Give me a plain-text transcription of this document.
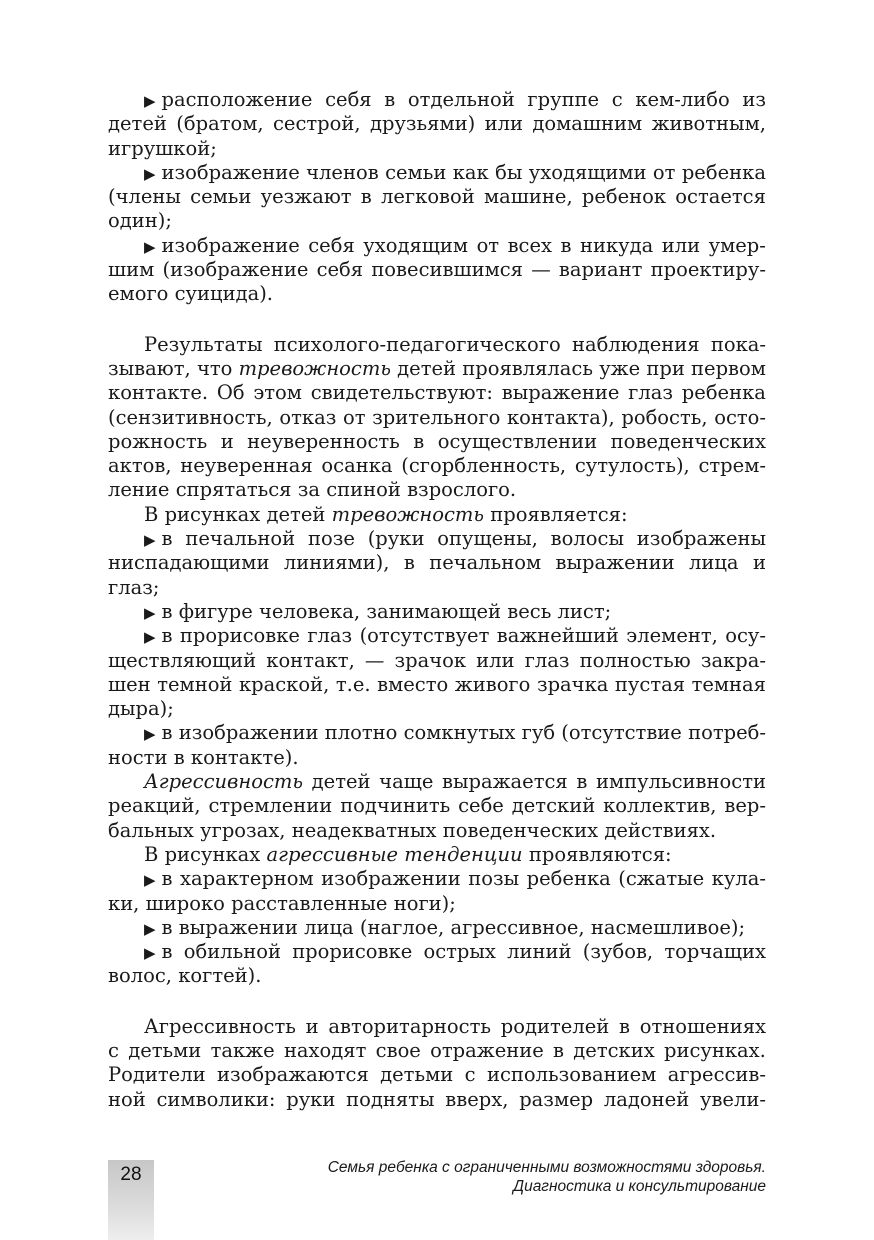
▶ расположение себя в отдельной группе с кем-либо из
детей (братом, сестрой, друзьями) или домашним животным,
игрушкой;
▶ изображение членов семьи как бы уходящими от ребенка
(члены семьи уезжают в легковой машине, ребенок остается
один);
▶ изображение себя уходящим от всех в никуда или умер-
шим (изображение себя повесившимся — вариант проектиру-
емого суицида).
Результаты психолого-педагогического наблюдения пока-
зывают, что тревожность детей проявлялась уже при первом
контакте. Об этом свидетельствуют: выражение глаз ребенка
(сензитивность, отказ от зрительного контакта), робость, осто-
рожность и неуверенность в осуществлении поведенческих
актов, неуверенная осанка (сгорбленность, сутулость), стрем-
ление спрятаться за спиной взрослого.
В рисунках детей тревожность проявляется:
▶ в печальной позе (руки опущены, волосы изображены
ниспадающими линиями), в печальном выражении лица и
глаз;
▶ в фигуре человека, занимающей весь лист;
▶ в прорисовке глаз (отсутствует важнейший элемент, осу-
ществляющий контакт, — зрачок или глаз полностью закра-
шен темной краской, т.е. вместо живого зрачка пустая темная
дыра);
▶ в изображении плотно сомкнутых губ (отсутствие потреб-
ности в контакте).
Агрессивность детей чаще выражается в импульсивности
реакций, стремлении подчинить себе детский коллектив, вер-
бальных угрозах, неадекватных поведенческих действиях.
В рисунках агрессивные тенденции проявляются:
▶ в характерном изображении позы ребенка (сжатые кула-
ки, широко расставленные ноги);
▶ в выражении лица (наглое, агрессивное, насмешливое);
▶ в обильной прорисовке острых линий (зубов, торчащих
волос, когтей).
Агрессивность и авторитарность родителей в отношениях
с детьми также находят свое отражение в детских рисунках.
Родители изображаются детьми с использованием агрессив-
ной символики: руки подняты вверх, размер ладоней увели-
28	Семья ребенка с ограниченными возможностями здоровья.
Диагностика и консультирование
